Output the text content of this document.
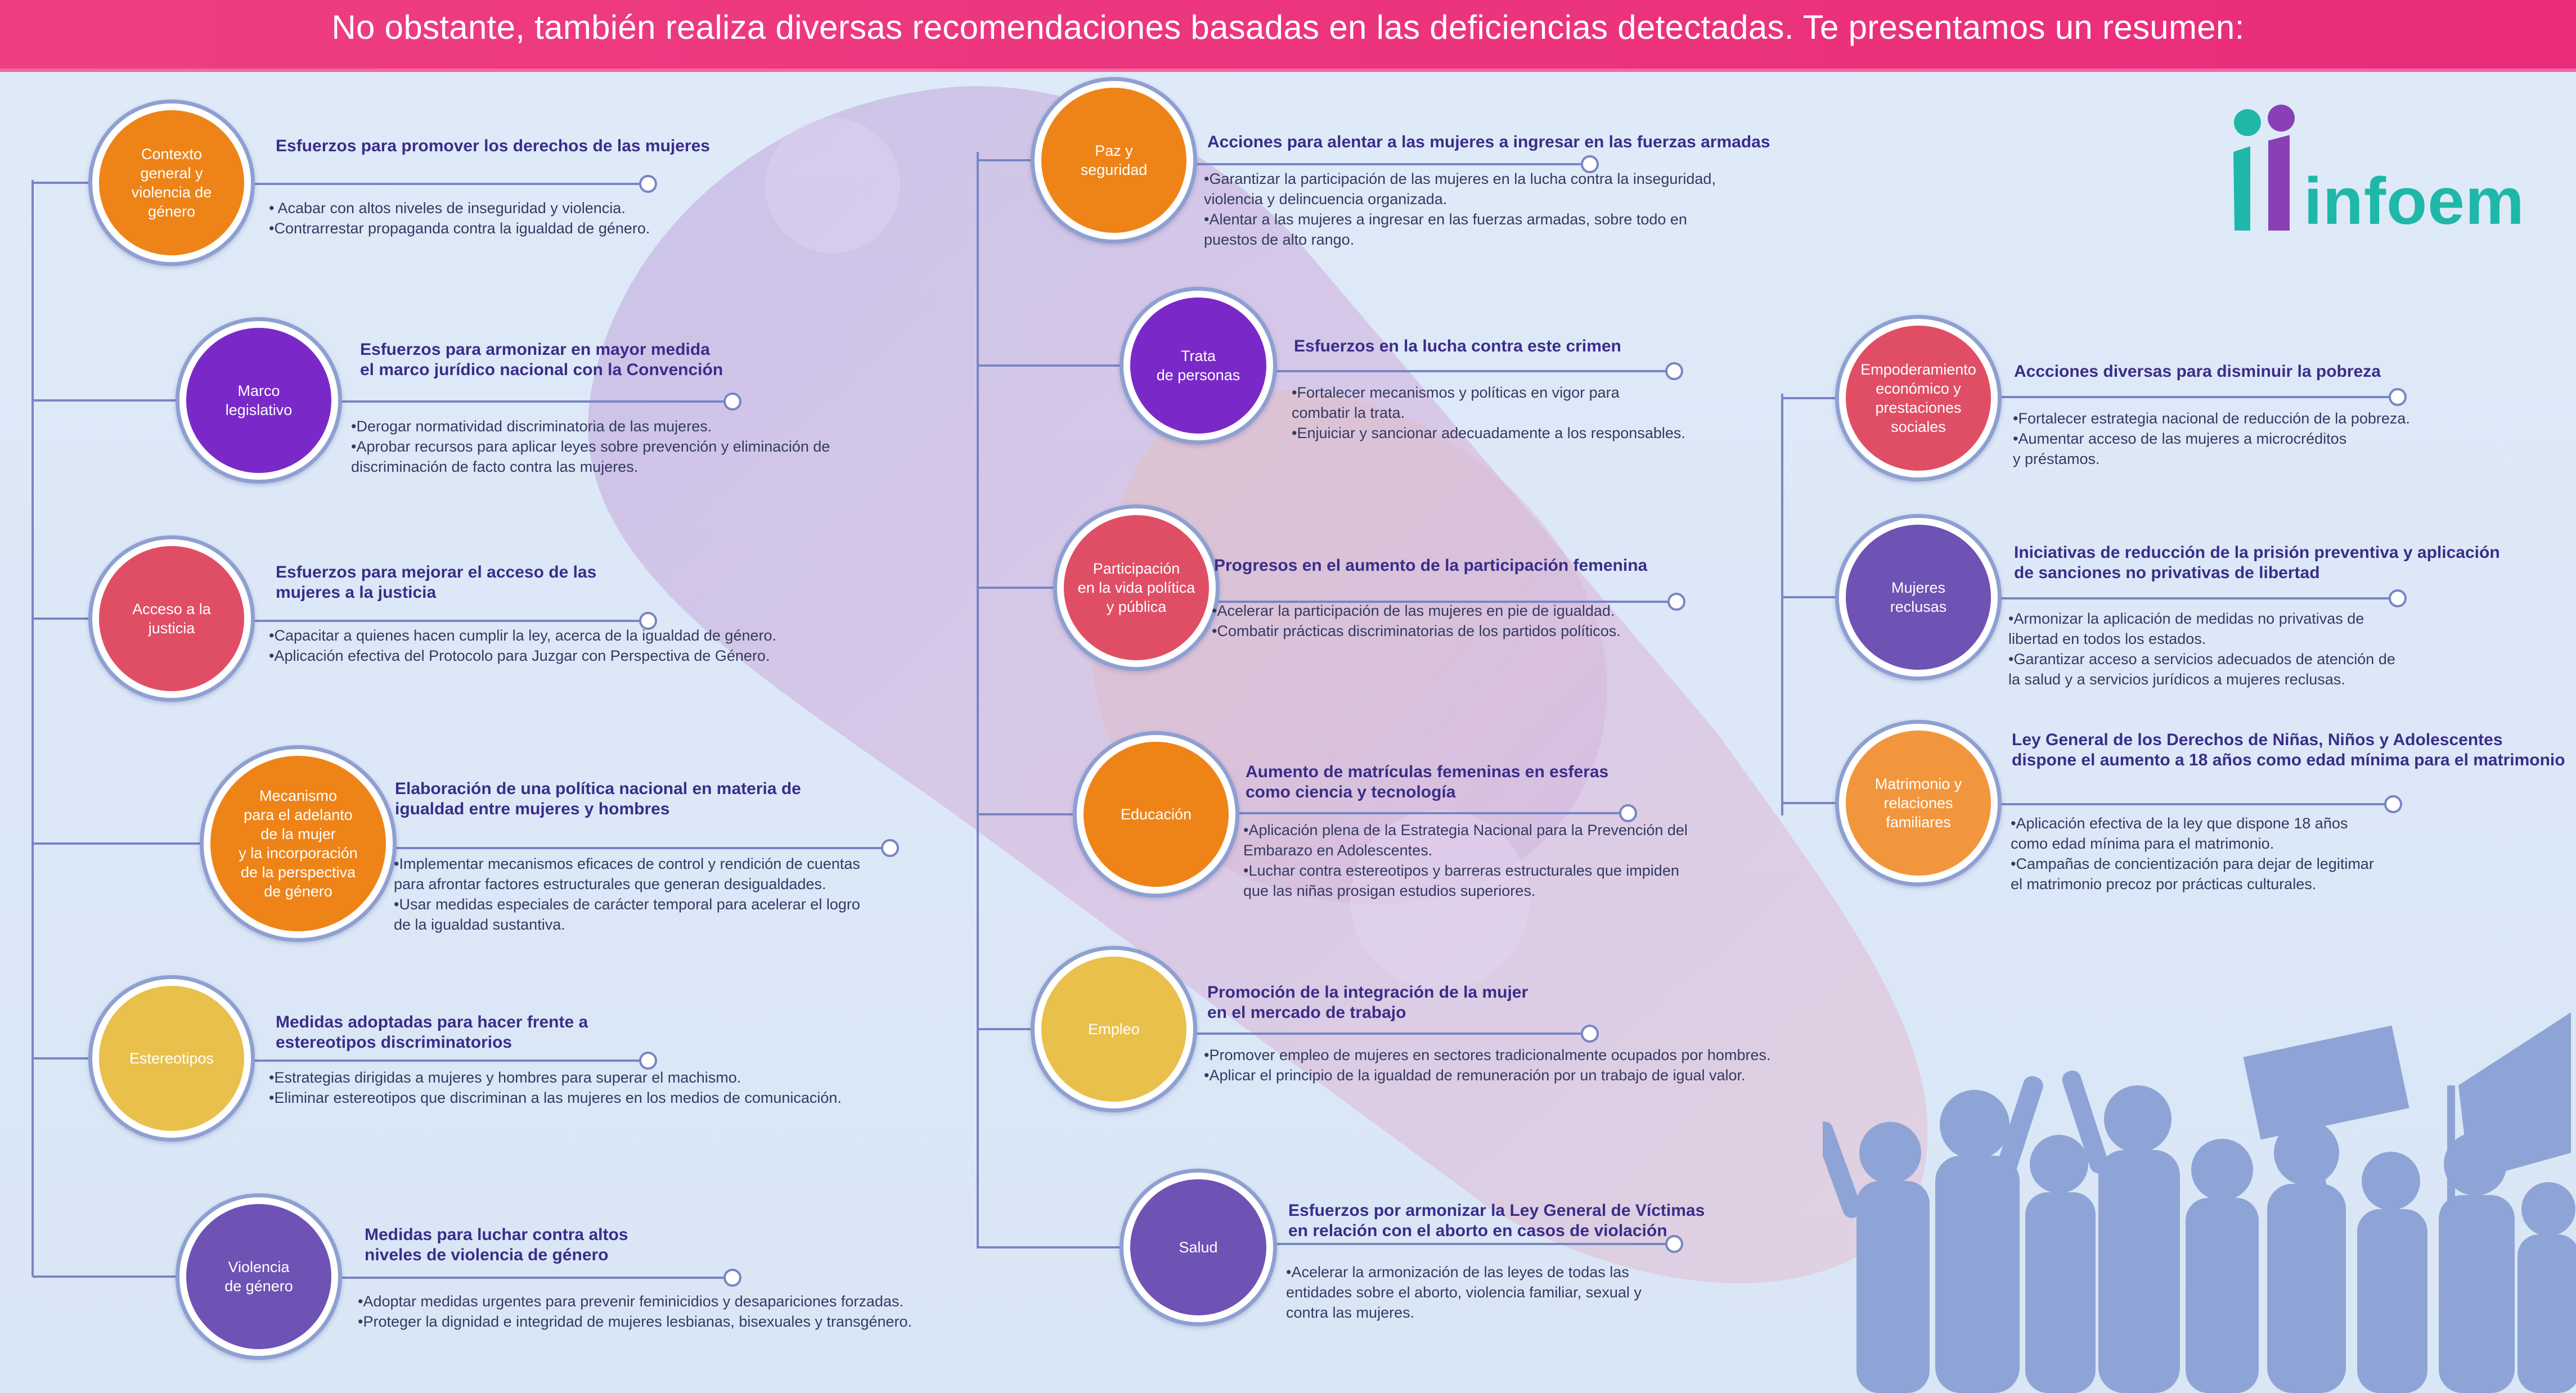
No obstante, también realiza diversas recomendaciones basadas en las deficiencias detectadas. Te presentamos un resumen:
infoem
Contexto
general y
violencia de
género
Esfuerzos para promover los derechos de las mujeres
• Acabar con altos niveles de inseguridad y violencia.
•Contrarrestar propaganda contra la igualdad de género.
Marco
legislativo
Esfuerzos para armonizar en mayor medida
el marco jurídico nacional con la Convención
•Derogar normatividad discriminatoria de las mujeres.
•Aprobar recursos para aplicar leyes sobre prevención y eliminación de
discriminación de facto contra las mujeres.
Acceso a la
justicia
Esfuerzos para mejorar el acceso de las
mujeres a la justicia
•Capacitar a quienes hacen cumplir la ley, acerca de la igualdad de género.
•Aplicación efectiva del Protocolo para Juzgar con Perspectiva de Género.
Mecanismo
para el adelanto
de la mujer
y la incorporación
de la perspectiva
de género
Elaboración de una política nacional en materia de
igualdad entre mujeres y hombres
•Implementar mecanismos eficaces de control y rendición de cuentas
para afrontar factores estructurales que generan desigualdades.
•Usar medidas especiales de carácter temporal para acelerar el logro
de la igualdad sustantiva.
Estereotipos
Medidas adoptadas para hacer frente a
estereotipos discriminatorios
•Estrategias dirigidas a mujeres y hombres para superar el machismo.
•Eliminar estereotipos que discriminan a las mujeres en los medios de comunicación.
Violencia
de género
Medidas para luchar contra altos
niveles de violencia de género
•Adoptar medidas urgentes para prevenir feminicidios y desapariciones forzadas.
•Proteger la dignidad e integridad de mujeres lesbianas, bisexuales y transgénero.
Paz y
seguridad
Acciones para alentar a las mujeres a ingresar en las fuerzas armadas
•Garantizar la participación de las mujeres en la lucha contra la inseguridad,
violencia y delincuencia organizada.
•Alentar a las mujeres a ingresar en las fuerzas armadas, sobre todo en
puestos de alto rango.
Trata
de personas
Esfuerzos en la lucha contra este crimen
•Fortalecer mecanismos y políticas en vigor para
combatir la trata.
•Enjuiciar y sancionar adecuadamente a los responsables.
Participación
en la vida política
y pública
Progresos en el aumento de la participación femenina
•Acelerar la participación de las mujeres en pie de igualdad.
•Combatir prácticas discriminatorias de los partidos políticos.
Educación
Aumento de matrículas femeninas en esferas
como ciencia y tecnología
•Aplicación plena de la Estrategia Nacional para la Prevención del
Embarazo en Adolescentes.
•Luchar contra estereotipos y barreras estructurales que impiden
que las niñas prosigan estudios superiores.
Empleo
Promoción de la integración de la mujer
en el mercado de trabajo
•Promover empleo de mujeres en sectores tradicionalmente ocupados por hombres.
•Aplicar el principio de la igualdad de remuneración por un trabajo de igual valor.
Salud
Esfuerzos por armonizar la Ley General de Víctimas
en relación con el aborto en casos de violación
•Acelerar la armonización de las leyes de todas las
entidades sobre el aborto, violencia familiar, sexual y
contra las mujeres.
Empoderamiento
económico y
prestaciones
sociales
Accciones diversas para disminuir la pobreza
•Fortalecer estrategia nacional de reducción de la pobreza.
•Aumentar acceso de las mujeres a microcréditos
y préstamos.
Mujeres
reclusas
Iniciativas de reducción de la prisión preventiva y aplicación
de sanciones no privativas de libertad
•Armonizar la aplicación de medidas no privativas de
libertad en todos los estados.
•Garantizar acceso a servicios adecuados de atención de
la salud y a servicios jurídicos a mujeres reclusas.
Matrimonio y
relaciones
familiares
Ley General de los Derechos de Niñas, Niños y Adolescentes
dispone el aumento a 18 años como edad mínima para el matrimonio
•Aplicación efectiva de la ley que dispone 18 años
como edad mínima para el matrimonio.
•Campañas de concientización para dejar de legitimar
el matrimonio precoz por prácticas culturales.
